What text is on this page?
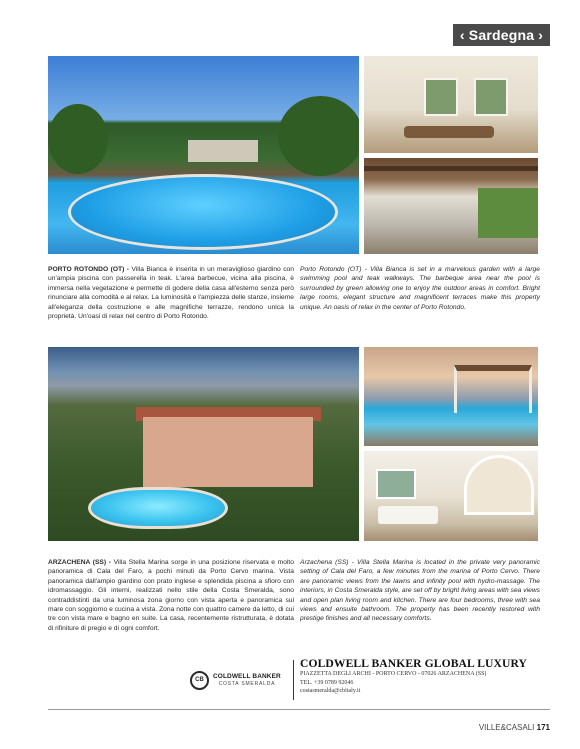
‹ Sardegna ›
PORTO ROTONDO (OT) - Villa Bianca è inserita in un meraviglioso giardino con un'ampia piscina con passerella in teak. L'area barbecue, vicina alla piscina, è immersa nella vegetazione e permette di godere della casa all'esterno senza però rinunciare alla comodità e al relax. La luminosità e l'ampiezza delle stanze, insieme all'eleganza della costruzione e alle magnifiche terrazze, rendono unica la proprietà. Un'oasi di relax nel centro di Porto Rotondo.
Porto Rotondo (OT) - Villa Bianca is set in a marvelous garden with a large swimming pool and teak walkways. The barbeque area near the pool is surrounded by green allowing one to enjoy the outdoor areas in comfort. Bright large rooms, elegant structure and magnificent terraces make this property unique. An oasis of relax in the center of Porto Rotondo.
ARZACHENA (SS) - Villa Stella Marina sorge in una posizione riservata e molto panoramica di Cala del Faro, a pochi minuti da Porto Cervo marina. Vista panoramica dall'ampio giardino con prato inglese e splendida piscina a sfioro con idromassaggio. Gli interni, realizzati nello stile della Costa Smeralda, sono contraddistinti da una luminosa zona giorno con vista aperta e panoramica sul mare con soggiorno e cucina a vista. Zona notte con quattro camere da letto, di cui tre con vista mare e bagno en suite. La casa, recentemente ristrutturata, è dotata di rifiniture di pregio e di ogni comfort.
Arzachena (SS) - Villa Stella Marina is located in the private very panoramic setting of Cala del Faro, a few minutes from the marina of Porto Cervo. There are panoramic views from the lawns and infinity pool with hydro-massage. The interiors, in Costa Smeralda style, are set off by bright living areas with sea views and open plan living room and kitchen. There are four bedrooms, three with sea views and ensuite bathroom. The property has been recently restored with prestige finishes and all necessary comforts.
CB	COLDWELL BANKER
COSTA SMERALDA
COLDWELL BANKER GLOBAL LUXURY
PIAZZETTA DEGLI ARCHI - PORTO CERVO - 07026 ARZACHENA (SS)
TEL. +39 0789 92046
costasmeralda@cbitaly.it
VILLE&CASALI 171
